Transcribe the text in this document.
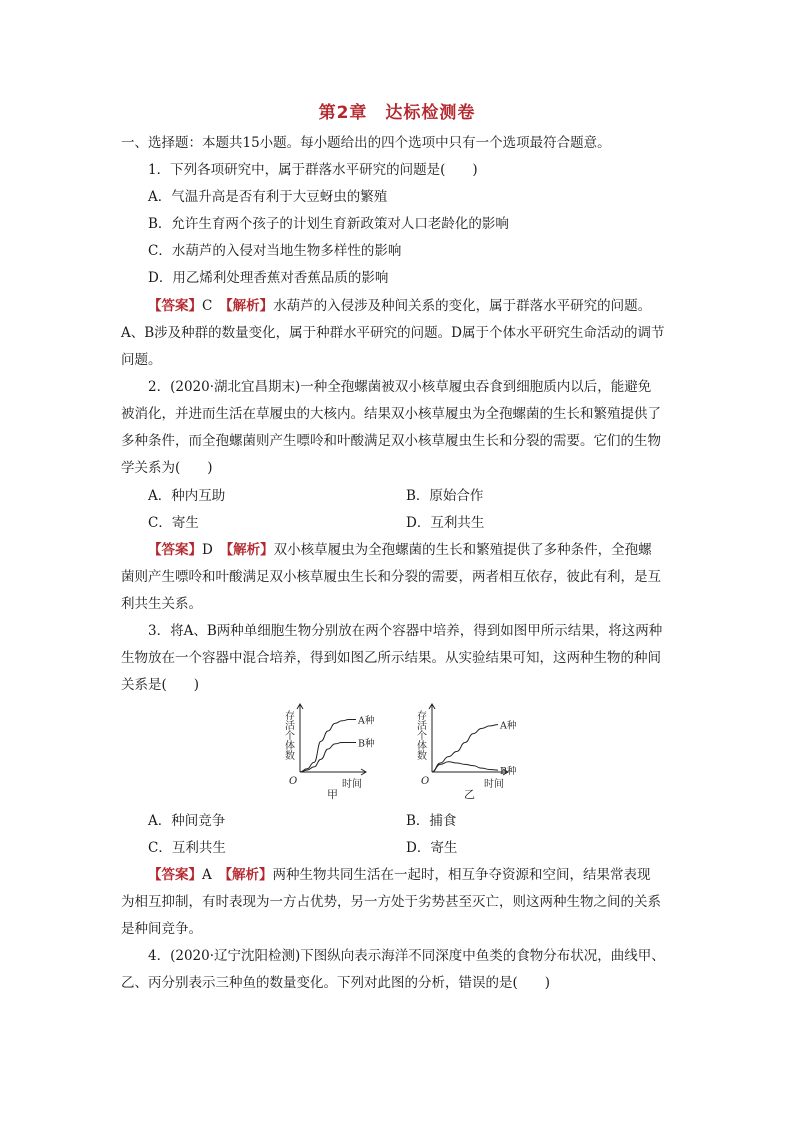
第2章　达标检测卷
一、选择题：本题共15小题。每小题给出的四个选项中只有一个选项最符合题意。
1．下列各项研究中，属于群落水平研究的问题是(　　)
A．气温升高是否有利于大豆蚜虫的繁殖
B．允许生育两个孩子的计划生育新政策对人口老龄化的影响
C．水葫芦的入侵对当地生物多样性的影响
D．用乙烯利处理香蕉对香蕉品质的影响
【答案】C　 【解析】水葫芦的入侵涉及种间关系的变化，属于群落水平研究的问题。
A、B涉及种群的数量变化，属于种群水平研究的问题。D属于个体水平研究生命活动的调节
问题。
2．(2020·湖北宜昌期末)一种全孢螺菌被双小核草履虫吞食到细胞质内以后，能避免
被消化，并进而生活在草履虫的大核内。结果双小核草履虫为全孢螺菌的生长和繁殖提供了
多种条件，而全孢螺菌则产生嘌呤和叶酸满足双小核草履虫生长和分裂的需要。它们的生物
学关系为(　　)
A．种内互助	B．原始合作
C．寄生	D．互利共生
【答案】D　 【解析】双小核草履虫为全孢螺菌的生长和繁殖提供了多种条件，全孢螺
菌则产生嘌呤和叶酸满足双小核草履虫生长和分裂的需要，两者相互依存，彼此有利，是互
利共生关系。
3．将A、B两种单细胞生物分别放在两个容器中培养，得到如图甲所示结果，将这两种
生物放在一个容器中混合培养，得到如图乙所示结果。从实验结果可知，这两种生物的种间
关系是(　　)
存活个体数
O	时间
甲
A种
B种	存活个体数
O	时间
乙
A种
B种
A．种间竞争	B．捕食
C．互利共生	D．寄生
【答案】A　 【解析】两种生物共同生活在一起时，相互争夺资源和空间，结果常表现
为相互抑制，有时表现为一方占优势，另一方处于劣势甚至灭亡，则这两种生物之间的关系
是种间竞争。
4．(2020·辽宁沈阳检测)下图纵向表示海洋不同深度中鱼类的食物分布状况，曲线甲、
乙、丙分别表示三种鱼的数量变化。下列对此图的分析，错误的是(　　)
